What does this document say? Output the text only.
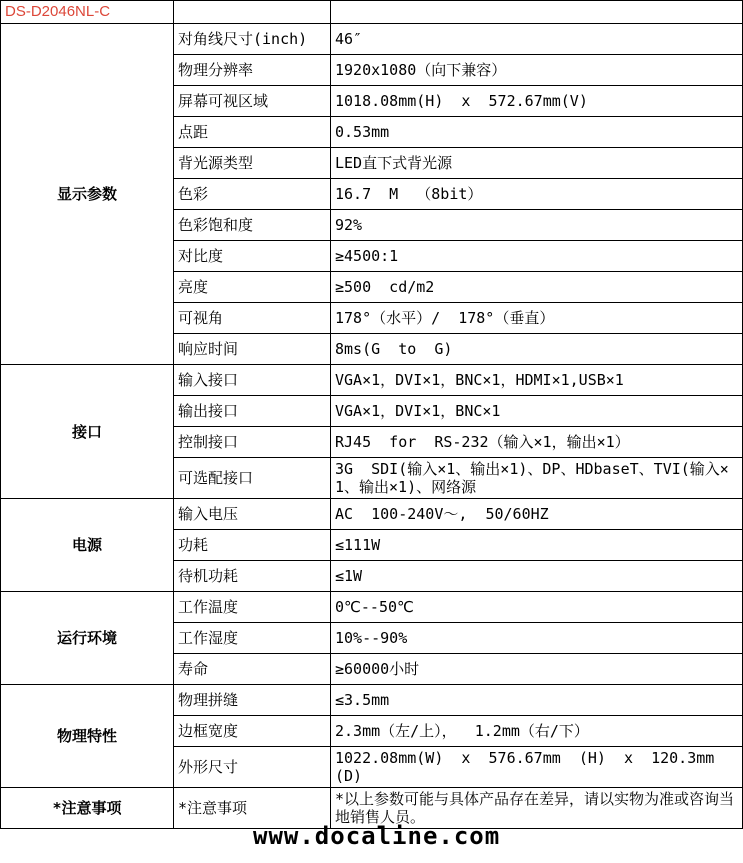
DS-D2046NL-C		
显示参数	对角线尺寸(inch)	46″
	物理分辨率	1920x1080（向下兼容）
	屏幕可视区域	1018.08mm(H)  x  572.67mm(V)
	点距	0.53mm
	背光源类型	LED直下式背光源
	色彩	16.7  M  （8bit）
	色彩饱和度	92%
	对比度	≥4500:1
	亮度	≥500  cd/m2
	可视角	178°（水平）/  178°（垂直）
	响应时间	8ms(G  to  G)
接口	输入接口	VGA×1，DVI×1，BNC×1，HDMI×1,USB×1
	输出接口	VGA×1，DVI×1，BNC×1
	控制接口	RJ45  for  RS-232（输入×1，输出×1）
	可选配接口	3G  SDI(输入×1、输出×1)、DP、HDbaseT、TVI(输入×1、输出×1)、网络源
电源	输入电压	AC  100-240V～,  50/60HZ
	功耗	≤111W
	待机功耗	≤1W
运行环境	工作温度	0℃--50℃
	工作湿度	10%--90%
	寿命	≥60000小时
物理特性	物理拼缝	≤3.5mm
	边框宽度	2.3mm（左/上），  1.2mm（右/下）
	外形尺寸	1022.08mm(W)  x  576.67mm  (H)  x  120.3mm(D)
*注意事项	*注意事项	*以上参数可能与具体产品存在差异，请以实物为准或咨询当地销售人员。
www.docaline.com
